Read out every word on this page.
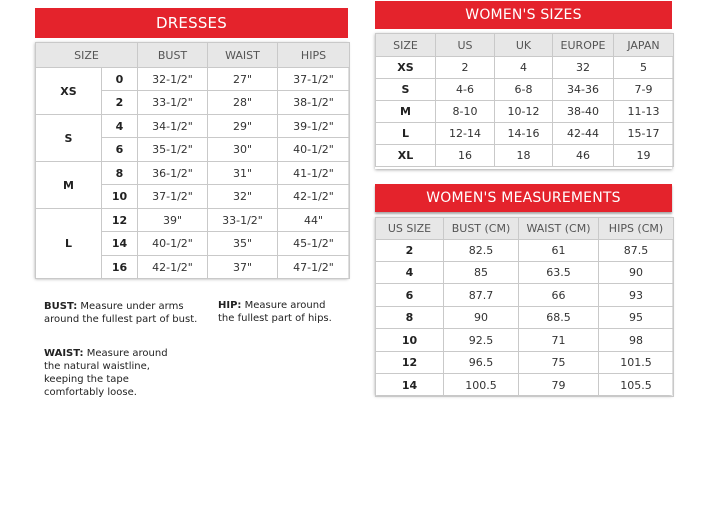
DRESSES
SIZE		BUST	WAIST	HIPS
XS	0	32-1/2"	27"	37-1/2"
	2	33-1/2"	28"	38-1/2"
S	4	34-1/2"	29"	39-1/2"
	6	35-1/2"	30"	40-1/2"
M	8	36-1/2"	31"	41-1/2"
	10	37-1/2"	32"	42-1/2"
L	12	39"	33-1/2"	44"
	14	40-1/2"	35"	45-1/2"
	16	42-1/2"	37"	47-1/2"
BUST: Measure under arms around the fullest part of bust.
HIP: Measure around the fullest part of hips.
WAIST: Measure around the natural waistline, keeping the tape comfortably loose.
WOMEN'S SIZES
SIZE	US	UK	EUROPE	JAPAN
XS	2	4	32	5
S	4-6	6-8	34-36	7-9
M	8-10	10-12	38-40	11-13
L	12-14	14-16	42-44	15-17
XL	16	18	46	19
WOMEN'S MEASUREMENTS
US SIZE	BUST (CM)	WAIST (CM)	HIPS (CM)
2	82.5	61	87.5
4	85	63.5	90
6	87.7	66	93
8	90	68.5	95
10	92.5	71	98
12	96.5	75	101.5
14	100.5	79	105.5
